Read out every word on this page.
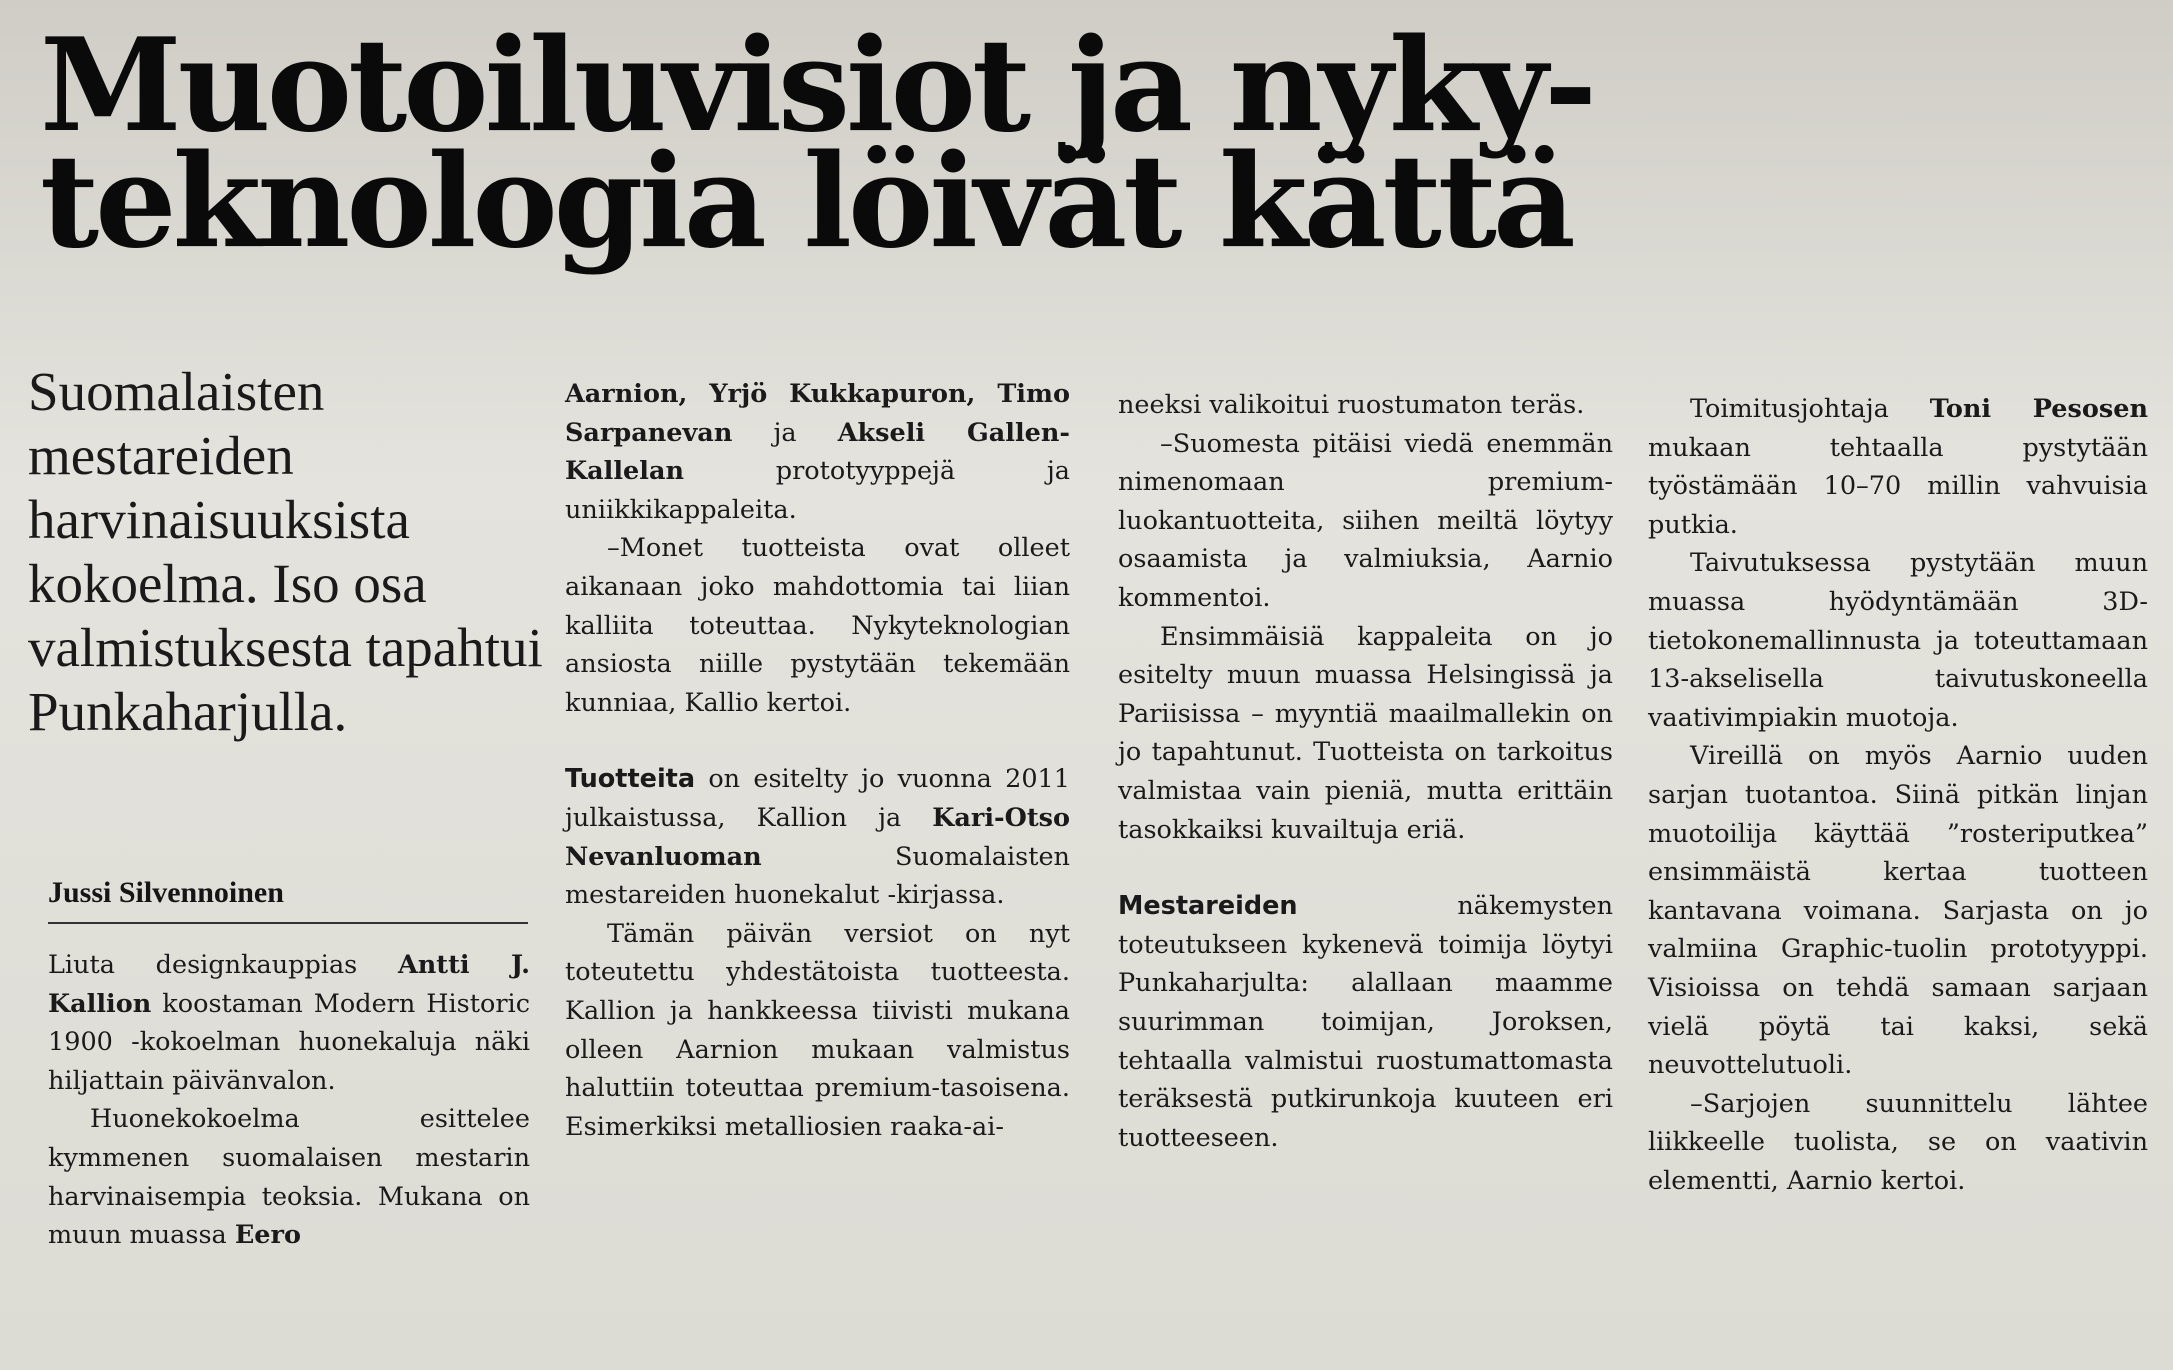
Muotoiluvisiot ja nyky-
teknologia löivät kättä

Suomalaisten mestareiden harvinaisuuksista kokoelma. Iso osa valmistuksesta tapahtui Punkaharjulla.

Jussi Silvennoinen

Liuta designkauppias Antti J. Kallion koostaman Modern Historic 1900 -kokoelman huonekaluja näki hiljattain päivänvalon.

Huonekokoelma esittelee kymmenen suomalaisen mestarin harvinaisempia teoksia. Mukana on muun muassa Eero

Aarnion, Yrjö Kukkapuron, Timo Sarpanevan ja Akseli Gallen-Kallelan prototyyppejä ja uniikkikappaleita.

–Monet tuotteista ovat olleet aikanaan joko mahdottomia tai liian kalliita toteuttaa. Nykyteknologian ansiosta niille pystytään tekemään kunniaa, Kallio kertoi.

Tuotteita on esitelty jo vuonna 2011 julkaistussa, Kallion ja Kari-Otso Nevanluoman Suomalaisten mestareiden huonekalut -kirjassa.

Tämän päivän versiot on nyt toteutettu yhdestätoista tuotteesta. Kallion ja hankkeessa tiivisti mukana olleen Aarnion mukaan valmistus haluttiin toteuttaa premium-tasoisena. Esimerkiksi metalliosien raaka-ai-

neeksi valikoitui ruostumaton teräs.

–Suomesta pitäisi viedä enemmän nimenomaan premium-luokantuotteita, siihen meiltä löytyy osaamista ja valmiuksia, Aarnio kommentoi.

Ensimmäisiä kappaleita on jo esitelty muun muassa Helsingissä ja Pariisissa – myyntiä maailmallekin on jo tapahtunut. Tuotteista on tarkoitus valmistaa vain pieniä, mutta erittäin tasokkaiksi kuvailtuja eriä.

Mestareiden näkemysten toteutukseen kykenevä toimija löytyi Punkaharjulta: alallaan maamme suurimman toimijan, Joroksen, tehtaalla valmistui ruostumattomasta teräksestä putkirunkoja kuuteen eri tuotteeseen.

Toimitusjohtaja Toni Pesosen mukaan tehtaalla pystytään työstämään 10–70 millin vahvuisia putkia.

Taivutuksessa pystytään muun muassa hyödyntämään 3D-tietokonemallinnusta ja toteuttamaan 13-akselisella taivutuskoneella vaativimpiakin muotoja.

Vireillä on myös Aarnio uuden sarjan tuotantoa. Siinä pitkän linjan muotoilija käyttää ”rosteriputkea” ensimmäistä kertaa tuotteen kantavana voimana. Sarjasta on jo valmiina Graphic-tuolin prototyyppi. Visioissa on tehdä samaan sarjaan vielä pöytä tai kaksi, sekä neuvottelutuoli.

–Sarjojen suunnittelu lähtee liikkeelle tuolista, se on vaativin elementti, Aarnio kertoi.
